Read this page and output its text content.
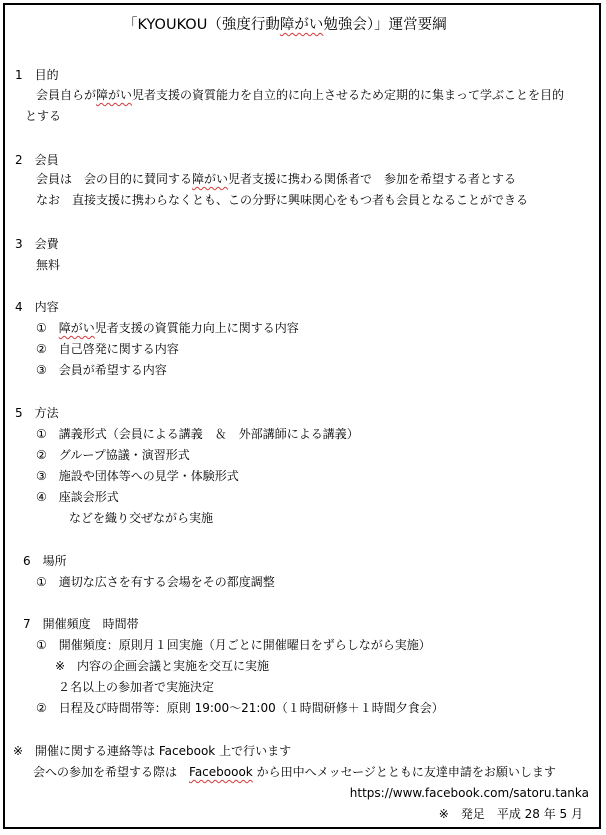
「KYOUKOU（強度行動障がい勉強会）」運営要綱
1　目的
会員自らが障がい児者支援の資質能力を自立的に向上させるため定期的に集まって学ぶことを目的
とする
2　会員
会員は　会の目的に賛同する障がい児者支援に携わる関係者で　参加を希望する者とする
なお　直接支援に携わらなくとも、この分野に興味関心をもつ者も会員となることができる
3　会費
無料
4　内容
①　 障がい児者支援の資質能力向上に関する内容
②　自己啓発に関する内容
③　会員が希望する内容
5　方法
①　講義形式（会員による講義　＆　外部講師による講義）
②　グループ協議・演習形式
③　施設や団体等への見学・体験形式
④　座談会形式
などを織り交ぜながら実施
6　場所
①　適切な広さを有する会場をその都度調整
7　開催頻度　時間帯
①　開催頻度：原則月１回実施（月ごとに開催曜日をずらしながら実施）
※　内容の企画会議と実施を交互に実施
２名以上の参加者で実施決定
②　日程及び時間帯等：原則 19:00～21:00（１時間研修＋１時間夕食会）
※　開催に関する連絡等は Facebook 上で行います
会への参加を希望する際は　Faceboook から田中へメッセージとともに友達申請をお願いします
https://www.facebook.com/satoru.tanka
※　発足　平成 28 年 5 月
